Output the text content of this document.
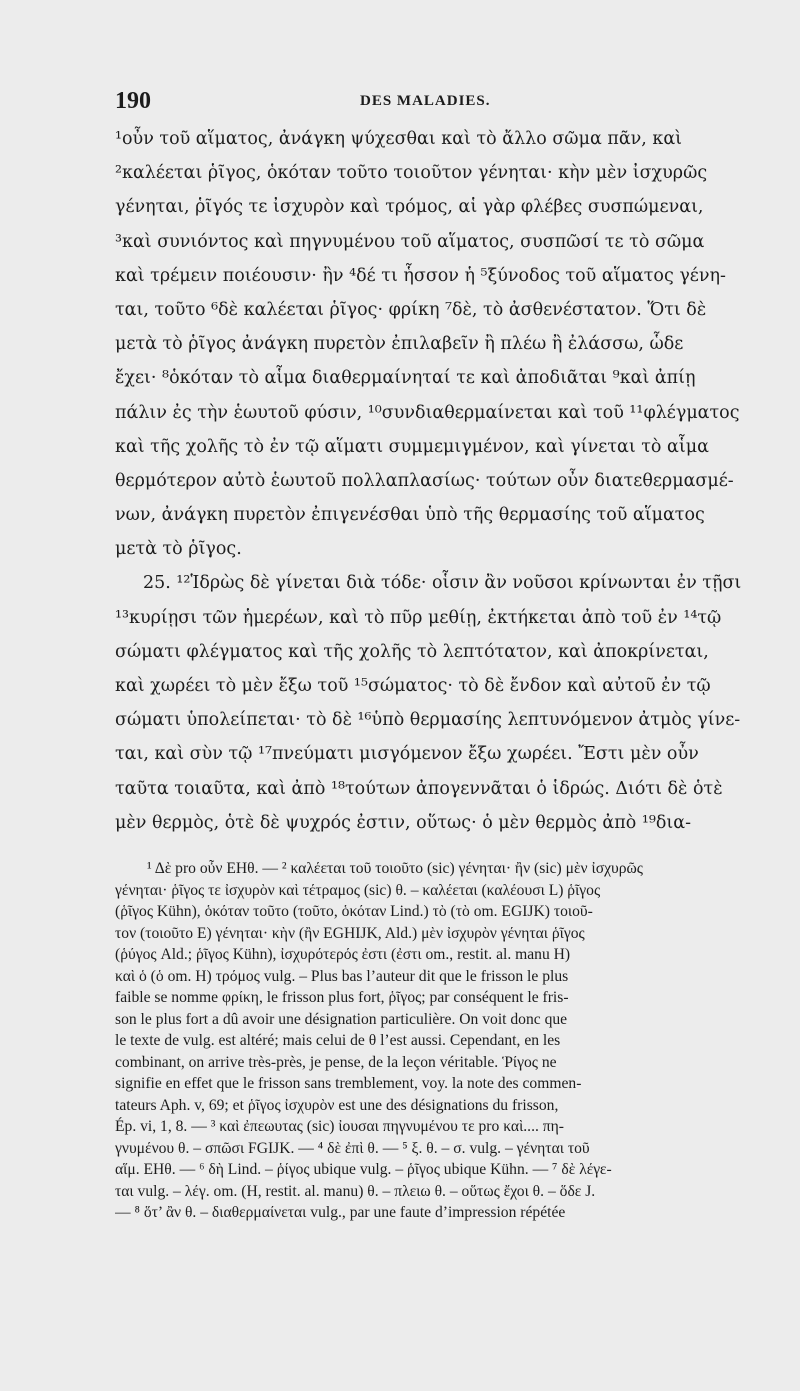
190	DES MALADIES.
¹οὖν τοῦ αἵματος, ἀνάγκη ψύχεσθαι καὶ τὸ ἄλλο σῶμα πᾶν, καὶ
²καλέεται ῥῖγος, ὁκόταν τοῦτο τοιοῦτον γένηται· κὴν μὲν ἰσχυρῶς
γένηται, ῥῖγός τε ἰσχυρὸν καὶ τρόμος, αἱ γὰρ φλέβες συσπώμεναι,
³καὶ συνιόντος καὶ πηγνυμένου τοῦ αἵματος, συσπῶσί τε τὸ σῶμα
καὶ τρέμειν ποιέουσιν· ἢν ⁴δέ τι ἧσσον ἡ ⁵ξύνοδος τοῦ αἵματος γένη-
ται, τοῦτο ⁶δὲ καλέεται ῥῖγος· φρίκη ⁷δὲ, τὸ ἀσθενέστατον. Ὅτι δὲ
μετὰ τὸ ῥῖγος ἀνάγκη πυρετὸν ἐπιλαβεῖν ἢ πλέω ἢ ἐλάσσω, ὧδε
ἔχει· ⁸ὁκόταν τὸ αἷμα διαθερμαίνηταί τε καὶ ἀποδιᾶται ⁹καὶ ἀπίῃ
πάλιν ἐς τὴν ἑωυτοῦ φύσιν, ¹⁰συνδιαθερμαίνεται καὶ τοῦ ¹¹φλέγματος
καὶ τῆς χολῆς τὸ ἐν τῷ αἵματι συμμεμιγμένον, καὶ γίνεται τὸ αἷμα
θερμότερον αὐτὸ ἑωυτοῦ πολλαπλασίως· τούτων οὖν διατεθερμασμέ-
νων, ἀνάγκη πυρετὸν ἐπιγενέσθαι ὑπὸ τῆς θερμασίης τοῦ αἵματος
μετὰ τὸ ῥῖγος.
25. ¹²Ἱδρὼς δὲ γίνεται διὰ τόδε· οἷσιν ἂν νοῦσοι κρίνωνται ἐν τῇσι
¹³κυρίῃσι τῶν ἡμερέων, καὶ τὸ πῦρ μεθίῃ, ἐκτήκεται ἀπὸ τοῦ ἐν ¹⁴τῷ
σώματι φλέγματος καὶ τῆς χολῆς τὸ λεπτότατον, καὶ ἀποκρίνεται,
καὶ χωρέει τὸ μὲν ἔξω τοῦ ¹⁵σώματος· τὸ δὲ ἔνδον καὶ αὐτοῦ ἐν τῷ
σώματι ὑπολείπεται· τὸ δὲ ¹⁶ὑπὸ θερμασίης λεπτυνόμενον ἀτμὸς γίνε-
ται, καὶ σὺν τῷ ¹⁷πνεύματι μισγόμενον ἔξω χωρέει. Ἔστι μὲν οὖν
ταῦτα τοιαῦτα, καὶ ἀπὸ ¹⁸τούτων ἀπογεννᾶται ὁ ἱδρώς. Διότι δὲ ὁτὲ
μὲν θερμὸς, ὁτὲ δὲ ψυχρός ἐστιν, οὕτως· ὁ μὲν θερμὸς ἀπὸ ¹⁹δια-
¹ Δὲ pro οὖν EHθ. — ² καλέεται τοῦ τοιοῦτο (sic) γένηται· ἢν (sic) μὲν ἰσχυρῶς
γένηται· ῥῖγος τε ἰσχυρὸν καὶ τέτραμος (sic) θ. – καλέεται (καλέουσι L) ῥῖγος
(ῥῖγος Kühn), ὁκόταν τοῦτο (τοῦτο, ὁκόταν Lind.) τὸ (τὸ om. EGIJK) τοιοῦ-
τον (τοιοῦτο E) γένηται· κὴν (ἢν EGHIJK, Ald.) μὲν ἰσχυρὸν γένηται ῥῖγος
(ῥύγος Ald.; ῥῖγος Kühn), ἰσχυρότερός ἐστι (ἐστι om., restit. al. manu H)
καὶ ὁ (ὁ om. H) τρόμος vulg. – Plus bas l’auteur dit que le frisson le plus
faible se nomme φρίκη, le frisson plus fort, ῥῖγος; par conséquent le fris-
son le plus fort a dû avoir une désignation particulière. On voit donc que
le texte de vulg. est altéré; mais celui de θ l’est aussi. Cependant, en les
combinant, on arrive très-près, je pense, de la leçon véritable. Ῥίγος ne
signifie en effet que le frisson sans tremblement, voy. la note des commen-
tateurs Aph. v, 69; et ῥῖγος ἰσχυρὸν est une des désignations du frisson,
Ép. vi, 1, 8. — ³ καὶ ἐπεωυτας (sic) ἰουσαι πηγνυμένου τε pro καὶ.... πη-
γνυμένου θ. – σπῶσι FGIJK. — ⁴ δὲ ἐπὶ θ. — ⁵ ξ. θ. – σ. vulg. – γένηται τοῦ
αἵμ. EHθ. — ⁶ δὴ Lind. – ῥίγος ubique vulg. – ῥῖγος ubique Kühn. — ⁷ δὲ λέγε-
ται vulg. – λέγ. om. (H, restit. al. manu) θ. – πλειω θ. – οὕτως ἔχοι θ. – ὅδε J.
— ⁸ ὅτ’ ἂν θ. – διαθερμαίνεται vulg., par une faute d’impression répétée
